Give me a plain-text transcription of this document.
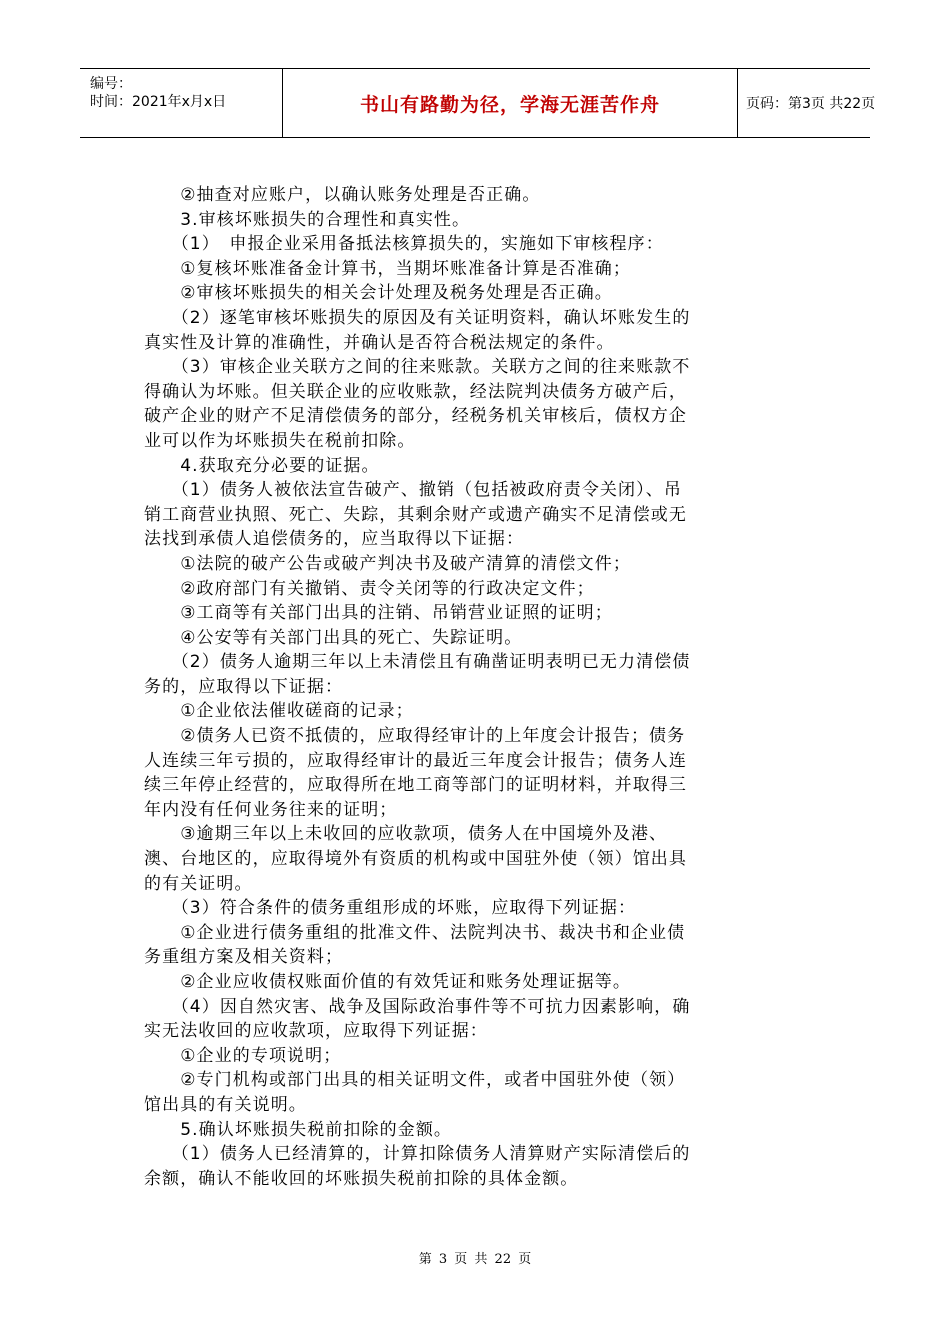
编号：
时间：2021年x月x日	书山有路勤为径，学海无涯苦作舟	页码：第3页 共22页
　　②抽查对应账户，以确认账务处理是否正确。
　　3.审核坏账损失的合理性和真实性。
　　（1）　申报企业采用备抵法核算损失的，实施如下审核程序：
　　①复核坏账准备金计算书，当期坏账准备计算是否准确；
　　②审核坏账损失的相关会计处理及税务处理是否正确。
　　（2）逐笔审核坏账损失的原因及有关证明资料，确认坏账发生的
真实性及计算的准确性，并确认是否符合税法规定的条件。
　　（3）审核企业关联方之间的往来账款。关联方之间的往来账款不
得确认为坏账。但关联企业的应收账款，经法院判决债务方破产后，
破产企业的财产不足清偿债务的部分，经税务机关审核后，债权方企
业可以作为坏账损失在税前扣除。
　　4.获取充分必要的证据。
　　（1）债务人被依法宣告破产、撤销（包括被政府责令关闭）、吊
销工商营业执照、死亡、失踪，其剩余财产或遗产确实不足清偿或无
法找到承债人追偿债务的，应当取得以下证据：
　　①法院的破产公告或破产判决书及破产清算的清偿文件；
　　②政府部门有关撤销、责令关闭等的行政决定文件；
　　③工商等有关部门出具的注销、吊销营业证照的证明；
　　④公安等有关部门出具的死亡、失踪证明。
　　（2）债务人逾期三年以上未清偿且有确凿证明表明已无力清偿债
务的，应取得以下证据：
　　①企业依法催收磋商的记录；
　　②债务人已资不抵债的，应取得经审计的上年度会计报告；债务
人连续三年亏损的，应取得经审计的最近三年度会计报告；债务人连
续三年停止经营的，应取得所在地工商等部门的证明材料，并取得三
年内没有任何业务往来的证明；
　　③逾期三年以上未收回的应收款项，债务人在中国境外及港、
澳、台地区的，应取得境外有资质的机构或中国驻外使（领）馆出具
的有关证明。
　　（3）符合条件的债务重组形成的坏账，应取得下列证据：
　　①企业进行债务重组的批准文件、法院判决书、裁决书和企业债
务重组方案及相关资料；
　　②企业应收债权账面价值的有效凭证和账务处理证据等。
　　（4）因自然灾害、战争及国际政治事件等不可抗力因素影响，确
实无法收回的应收款项，应取得下列证据：
　　①企业的专项说明；
　　②专门机构或部门出具的相关证明文件，或者中国驻外使（领）
馆出具的有关说明。
　　5.确认坏账损失税前扣除的金额。
　　（1）债务人已经清算的，计算扣除债务人清算财产实际清偿后的
余额，确认不能收回的坏账损失税前扣除的具体金额。
第 3 页 共 22 页
